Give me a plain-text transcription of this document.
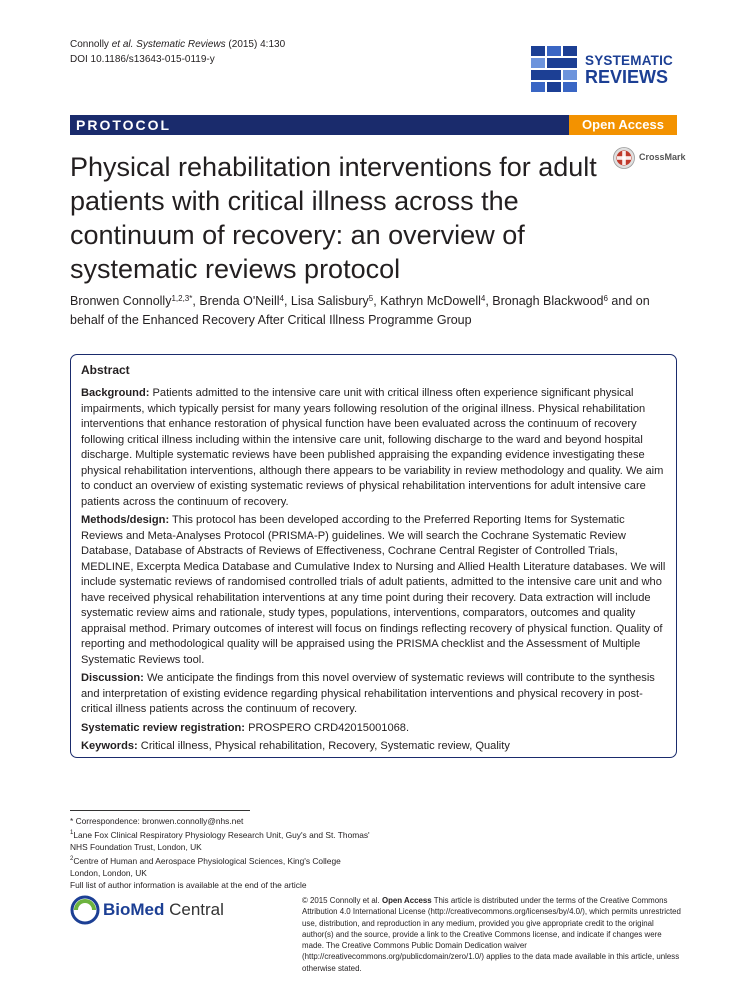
Connolly et al. Systematic Reviews (2015) 4:130
DOI 10.1186/s13643-015-0119-y	SYSTEMATIC
REVIEWS
PROTOCOL	Open Access
CrossMark
Physical rehabilitation interventions for adult patients with critical illness across the continuum of recovery: an overview of systematic reviews protocol
Bronwen Connolly$^{1,2,3*}$, Brenda O'Neill$^4$, Lisa Salisbury$^5$, Kathryn McDowell$^4$, Bronagh Blackwood$^6$ and on behalf of the Enhanced Recovery After Critical Illness Programme Group
Abstract

Background: Patients admitted to the intensive care unit with critical illness often experience significant physical impairments, which typically persist for many years following resolution of the original illness. Physical rehabilitation interventions that enhance restoration of physical function have been evaluated across the continuum of recovery following critical illness including within the intensive care unit, following discharge to the ward and beyond hospital discharge. Multiple systematic reviews have been published appraising the expanding evidence investigating these physical rehabilitation interventions, although there appears to be variability in review methodology and quality. We aim to conduct an overview of existing systematic reviews of physical rehabilitation interventions for adult intensive care patients across the continuum of recovery.

Methods/design: This protocol has been developed according to the Preferred Reporting Items for Systematic Reviews and Meta-Analyses Protocol (PRISMA-P) guidelines. We will search the Cochrane Systematic Review Database, Database of Abstracts of Reviews of Effectiveness, Cochrane Central Register of Controlled Trials, MEDLINE, Excerpta Medica Database and Cumulative Index to Nursing and Allied Health Literature databases. We will include systematic reviews of randomised controlled trials of adult patients, admitted to the intensive care unit and who have received physical rehabilitation interventions at any time point during their recovery. Data extraction will include systematic review aims and rationale, study types, populations, interventions, comparators, outcomes and quality appraisal method. Primary outcomes of interest will focus on findings reflecting recovery of physical function. Quality of reporting and methodological quality will be appraised using the PRISMA checklist and the Assessment of Multiple Systematic Reviews tool.

Discussion: We anticipate the findings from this novel overview of systematic reviews will contribute to the synthesis and interpretation of existing evidence regarding physical rehabilitation interventions and physical recovery in post-critical illness patients across the continuum of recovery.

Systematic review registration: PROSPERO CRD42015001068.

Keywords: Critical illness, Physical rehabilitation, Recovery, Systematic review, Quality

* Correspondence: bronwen.connolly@nhs.net
$^1$Lane Fox Clinical Respiratory Physiology Research Unit, Guy's and St. Thomas' NHS Foundation Trust, London, UK
$^2$Centre of Human and Aerospace Physiological Sciences, King's College London, London, UK
Full list of author information is available at the end of the article
BioMed Central	© 2015 Connolly et al. Open Access This article is distributed under the terms of the Creative Commons Attribution 4.0 International License (http://creativecommons.org/licenses/by/4.0/), which permits unrestricted use, distribution, and reproduction in any medium, provided you give appropriate credit to the original author(s) and the source, provide a link to the Creative Commons license, and indicate if changes were made. The Creative Commons Public Domain Dedication waiver (http://creativecommons.org/publicdomain/zero/1.0/) applies to the data made available in this article, unless otherwise stated.
